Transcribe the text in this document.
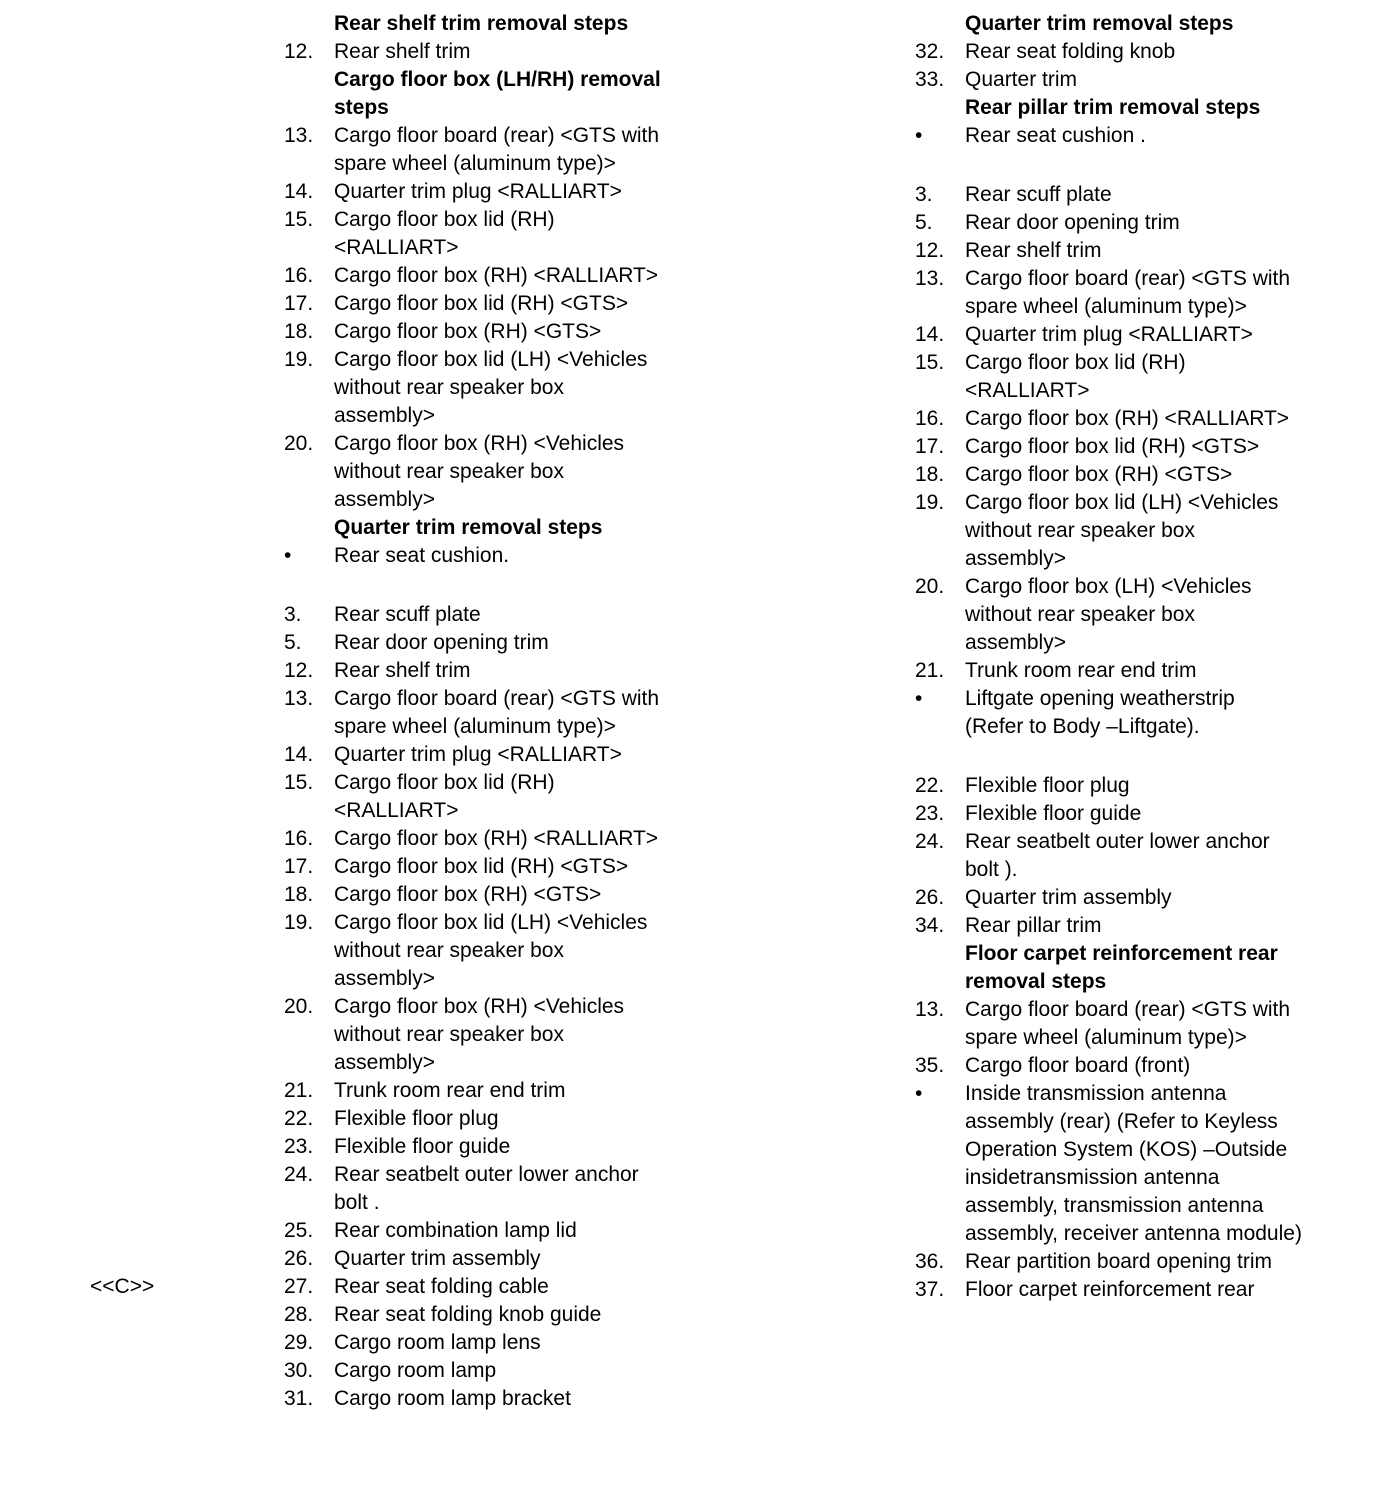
<<C>>
Rear shelf trim removal steps
12. Rear shelf trim
Cargo floor box (LH/RH) removal
steps
13. Cargo floor board (rear) <GTS with
spare wheel (aluminum type)>
14. Quarter trim plug <RALLIART>
15. Cargo floor box lid (RH)
<RALLIART>
16. Cargo floor box (RH) <RALLIART>
17. Cargo floor box lid (RH) <GTS>
18. Cargo floor box (RH) <GTS>
19. Cargo floor box lid (LH) <Vehicles
without rear speaker box
assembly>
20. Cargo floor box (RH) <Vehicles
without rear speaker box
assembly>
Quarter trim removal steps
•	Rear seat cushion.
3.	Rear scuff plate
5.	Rear door opening trim
12. Rear shelf trim
13. Cargo floor board (rear) <GTS with
spare wheel (aluminum type)>
14. Quarter trim plug <RALLIART>
15. Cargo floor box lid (RH)
<RALLIART>
16. Cargo floor box (RH) <RALLIART>
17. Cargo floor box lid (RH) <GTS>
18. Cargo floor box (RH) <GTS>
19. Cargo floor box lid (LH) <Vehicles
without rear speaker box
assembly>
20. Cargo floor box (RH) <Vehicles
without rear speaker box
assembly>
21. Trunk room rear end trim
22. Flexible floor plug
23. Flexible floor guide
24. Rear seatbelt outer lower anchor
bolt .
25. Rear combination lamp lid
26. Quarter trim assembly
27. Rear seat folding cable
28. Rear seat folding knob guide
29. Cargo room lamp lens
30. Cargo room lamp
31. Cargo room lamp bracket
Quarter trim removal steps
32. Rear seat folding knob
33. Quarter trim
Rear pillar trim removal steps
•	Rear seat cushion .
3.	Rear scuff plate
5.	Rear door opening trim
12. Rear shelf trim
13. Cargo floor board (rear) <GTS with
spare wheel (aluminum type)>
14. Quarter trim plug <RALLIART>
15. Cargo floor box lid (RH)
<RALLIART>
16. Cargo floor box (RH) <RALLIART>
17. Cargo floor box lid (RH) <GTS>
18. Cargo floor box (RH) <GTS>
19. Cargo floor box lid (LH) <Vehicles
without rear speaker box
assembly>
20. Cargo floor box (LH) <Vehicles
without rear speaker box
assembly>
21. Trunk room rear end trim
•	Liftgate opening weatherstrip
(Refer to Body –Liftgate).
22. Flexible floor plug
23. Flexible floor guide
24. Rear seatbelt outer lower anchor
bolt ).
26. Quarter trim assembly
34. Rear pillar trim
Floor carpet reinforcement rear
removal steps
13. Cargo floor board (rear) <GTS with
spare wheel (aluminum type)>
35. Cargo floor board (front)
•	Inside transmission antenna
assembly (rear) (Refer to Keyless
Operation System (KOS) –Outside
insidetransmission antenna
assembly, transmission antenna
assembly, receiver antenna module)
36. Rear partition board opening trim
37. Floor carpet reinforcement rear
